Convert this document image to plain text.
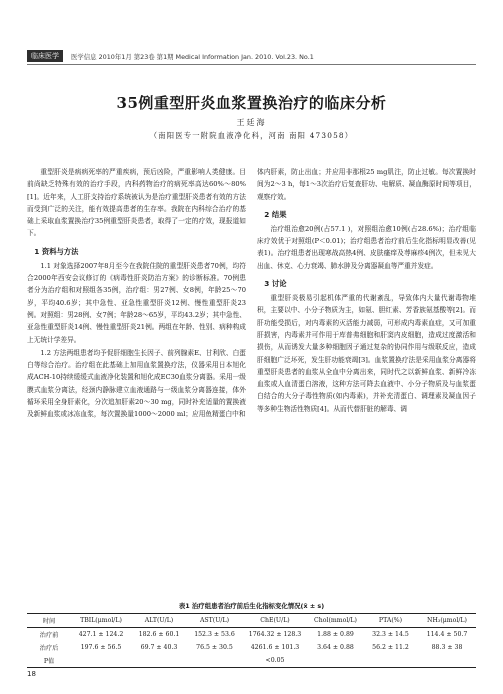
临床医学	医学信息 2010年1月 第23卷 第1期 Medical Information Jan. 2010. Vol.23. No.1
35例重型肝炎血浆置换治疗的临床分析
王廷海
（南阳医专一附院血液净化科，河南 南阳 473058）

重型肝炎是病病死率的严重疾病，预后凶险，严重影响人类健康。目前尚缺乏特殊有效的治疗手段，内科药物治疗的病死率高达60%～80%[1]。近年来，人工肝支持治疗系统被认为是治疗重型肝炎患者有效的方法而受到广泛的关注，能有效提高患者的生存率。我院在内科综合治疗的基础上采取血浆置换治疗35例重型肝炎患者，取得了一定的疗效，现报道如下。

1 资料与方法

1.1 对象选择2007年8月至今在我院住院的重型肝炎患者70例，均符合2000年西安会议修订的《病毒性肝炎防治方案》的诊断标准。70例患者分为治疗组和对照组各35例，治疗组：男27例、女8例，年龄25～70岁，平均40.6岁；其中急性、亚急性重型肝炎12例、慢性重型肝炎23例。对照组：男28例、女7例；年龄28～65岁，平均43.2岁；其中急性、亚急性重型肝炎14例、慢性重型肝炎21例。两组在年龄、性别、病种构成上无统计学差异。

1.2 方法两组患者均予促肝细胞生长因子、前列腺素E、甘利欣、白蛋白等综合治疗。治疗组在此基础上加用血浆置换疗法，仪器采用日本旭化成ACH-10持续缓缓式血液净化装置和旭化成EC30血浆分离器。采用一级膜式血浆分离法，经颈内静脉建立血液通路与一级血浆分离器连接，体外循环采用全身肝素化，分次追加肝素20～30 mg，同时补充适量的置换液及新鲜血浆或冰冻血浆，每次置换量1000～2000 ml；应用鱼精蛋白中和

体内肝素，防止出血；并应用非那根25 mg肌注，防止过敏。每次置换时间为2～3 h，每1～3次治疗后复查肝功、电解质、凝血酶原时间等项目，观察疗效。

2 结果

治疗组治愈20例(占57.1 )，对照组治愈10例(占28.6%)；治疗组临床疗效优于对照组(P＜0.01)；治疗组患者治疗前后生化指标明显改善(见表1)。治疗组患者出现寒战高热4例、皮肤瘙痒及荨麻疹4例次，但未见大出血、休克、心力衰竭、肺水肿及分离器凝血等严重并发症。

3 讨论

重型肝炎极易引起机体严重的代谢紊乱，导致体内大量代谢毒物堆积，主要以中、小分子物质为主，如氨、胆红素、芳香族氨基酸等[2]。而肝功能受损后，对内毒素的灭活能力减弱，可形成内毒素血症，又可加重肝损害，内毒素并可作用于库普弗细胞和肝窦内皮细胞，造成过度激活和损伤，从而诱发大量多种细胞因子通过复杂的协同作用与级联反应，造成肝细胞广泛坏死，发生肝功能衰竭[3]。血浆置换疗法是采用血浆分离器将重型肝炎患者的血浆从全血中分离出来，同时代之以新鲜血浆、新鲜冷冻血浆或人血清蛋白溶液，这种方法可降去血液中、小分子物质及与血浆蛋白结合的大分子毒性物质(如内毒素)，并补充清蛋白、调理素及凝血因子等多种生物活性物质[4]。从而代替肝脏的解毒、调

表1 治疗组患者治疗前后生化指标变化情况(x̄ ± s)
时间	TBIL(μmol/L)	ALT(U/L)	AST(U/L)	ChE(U/L)	Chol(mmol/L)	PTA(%)	NH₃(μmol/L)
治疗前	427.1 ± 124.2	182.6 ± 60.1	152.3 ± 53.6	1764.32 ± 128.3	1.88 ± 0.89	32.3 ± 14.5	114.4 ± 50.7
治疗后	197.6 ± 56.5	69.7 ± 40.3	76.5 ± 30.5	4261.6 ± 101.3	3.64 ± 0.88	56.2 ± 11.2	88.3 ± 38
P值				<0.05			
18
